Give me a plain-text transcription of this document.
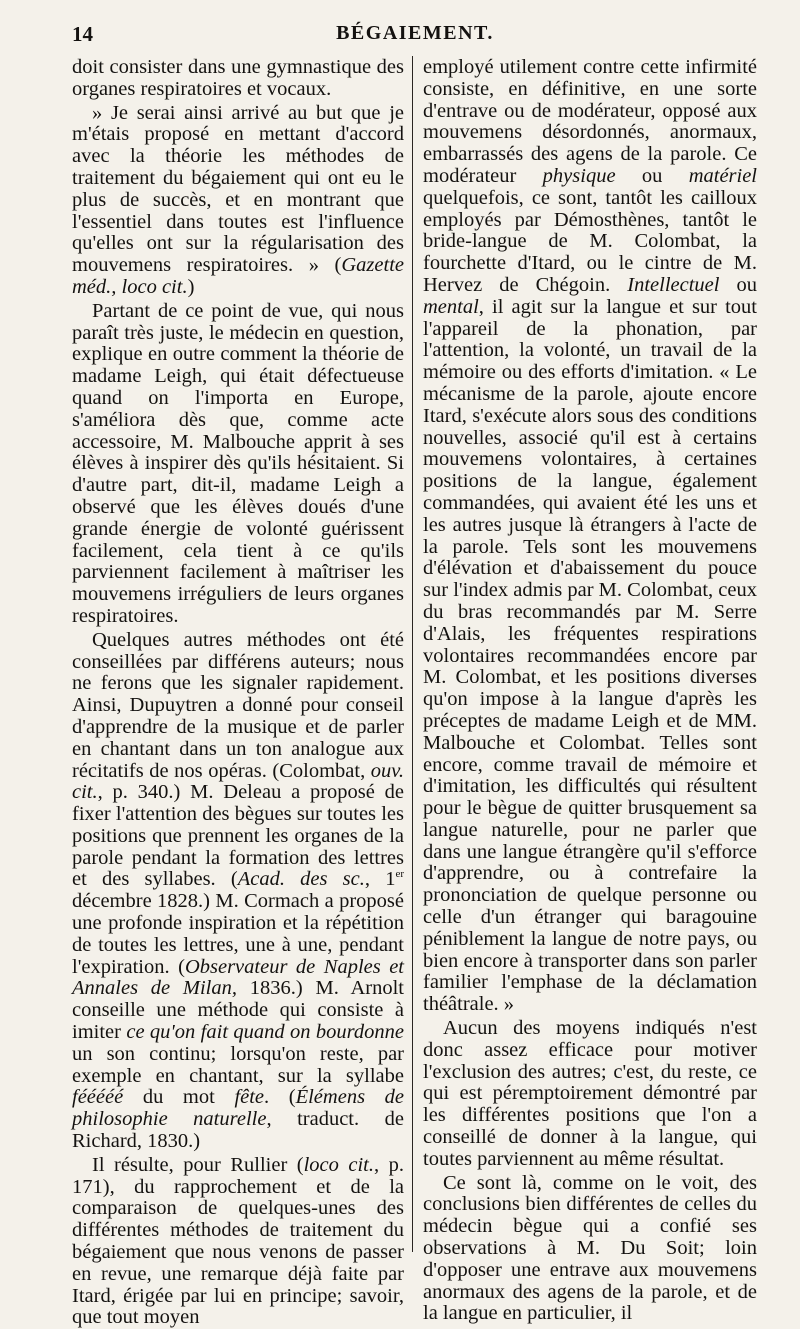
14	BÉGAIEMENT.

doit consister dans une gymnastique des organes respiratoires et vocaux.

» Je serai ainsi arrivé au but que je m'étais proposé en mettant d'accord avec la théorie les méthodes de traitement du bégaiement qui ont eu le plus de succès, et en montrant que l'essentiel dans toutes est l'influence qu'elles ont sur la régularisation des mouvemens respiratoires. » (Gazette méd., loco cit.)

Partant de ce point de vue, qui nous paraît très juste, le médecin en question, explique en outre comment la théorie de madame Leigh, qui était défectueuse quand on l'importa en Europe, s'améliora dès que, comme acte accessoire, M. Malbouche apprit à ses élèves à inspirer dès qu'ils hésitaient. Si d'autre part, dit-il, madame Leigh a observé que les élèves doués d'une grande énergie de volonté guérissent facilement, cela tient à ce qu'ils parviennent facilement à maîtriser les mouvemens irréguliers de leurs organes respiratoires.

Quelques autres méthodes ont été conseillées par différens auteurs; nous ne ferons que les signaler rapidement. Ainsi, Dupuytren a donné pour conseil d'apprendre de la musique et de parler en chantant dans un ton analogue aux récitatifs de nos opéras. (Colombat, ouv. cit., p. 340.) M. Deleau a proposé de fixer l'attention des bègues sur toutes les positions que prennent les organes de la parole pendant la formation des lettres et des syllabes. (Acad. des sc., 1er décembre 1828.) M. Cormach a proposé une profonde inspiration et la répétition de toutes les lettres, une à une, pendant l'expiration. (Observateur de Naples et Annales de Milan, 1836.) M. Arnolt conseille une méthode qui consiste à imiter ce qu'on fait quand on bourdonne un son continu; lorsqu'on reste, par exemple en chantant, sur la syllabe fééééé du mot fête. (Élémens de philosophie naturelle, traduct. de Richard, 1830.)

Il résulte, pour Rullier (loco cit., p. 171), du rapprochement et de la comparaison de quelques-unes des différentes méthodes de traitement du bégaiement que nous venons de passer en revue, une remarque déjà faite par Itard, érigée par lui en principe; savoir, que tout moyen

employé utilement contre cette infirmité consiste, en définitive, en une sorte d'entrave ou de modérateur, opposé aux mouvemens désordonnés, anormaux, embarrassés des agens de la parole. Ce modérateur physique ou matériel quelquefois, ce sont, tantôt les cailloux employés par Démosthènes, tantôt le bride-langue de M. Colombat, la fourchette d'Itard, ou le cintre de M. Hervez de Chégoin. Intellectuel ou mental, il agit sur la langue et sur tout l'appareil de la phonation, par l'attention, la volonté, un travail de la mémoire ou des efforts d'imitation. « Le mécanisme de la parole, ajoute encore Itard, s'exécute alors sous des conditions nouvelles, associé qu'il est à certains mouvemens volontaires, à certaines positions de la langue, également commandées, qui avaient été les uns et les autres jusque là étrangers à l'acte de la parole. Tels sont les mouvemens d'élévation et d'abaissement du pouce sur l'index admis par M. Colombat, ceux du bras recommandés par M. Serre d'Alais, les fréquentes respirations volontaires recommandées encore par M. Colombat, et les positions diverses qu'on impose à la langue d'après les préceptes de madame Leigh et de MM. Malbouche et Colombat. Telles sont encore, comme travail de mémoire et d'imitation, les difficultés qui résultent pour le bègue de quitter brusquement sa langue naturelle, pour ne parler que dans une langue étrangère qu'il s'efforce d'apprendre, ou à contrefaire la prononciation de quelque personne ou celle d'un étranger qui baragouine péniblement la langue de notre pays, ou bien encore à transporter dans son parler familier l'emphase de la déclamation théâtrale. »

Aucun des moyens indiqués n'est donc assez efficace pour motiver l'exclusion des autres; c'est, du reste, ce qui est péremptoirement démontré par les différentes positions que l'on a conseillé de donner à la langue, qui toutes parviennent au même résultat.

Ce sont là, comme on le voit, des conclusions bien différentes de celles du médecin bègue qui a confié ses observations à M. Du Soit; loin d'opposer une entrave aux mouvemens anormaux des agens de la parole, et de la langue en particulier, il
